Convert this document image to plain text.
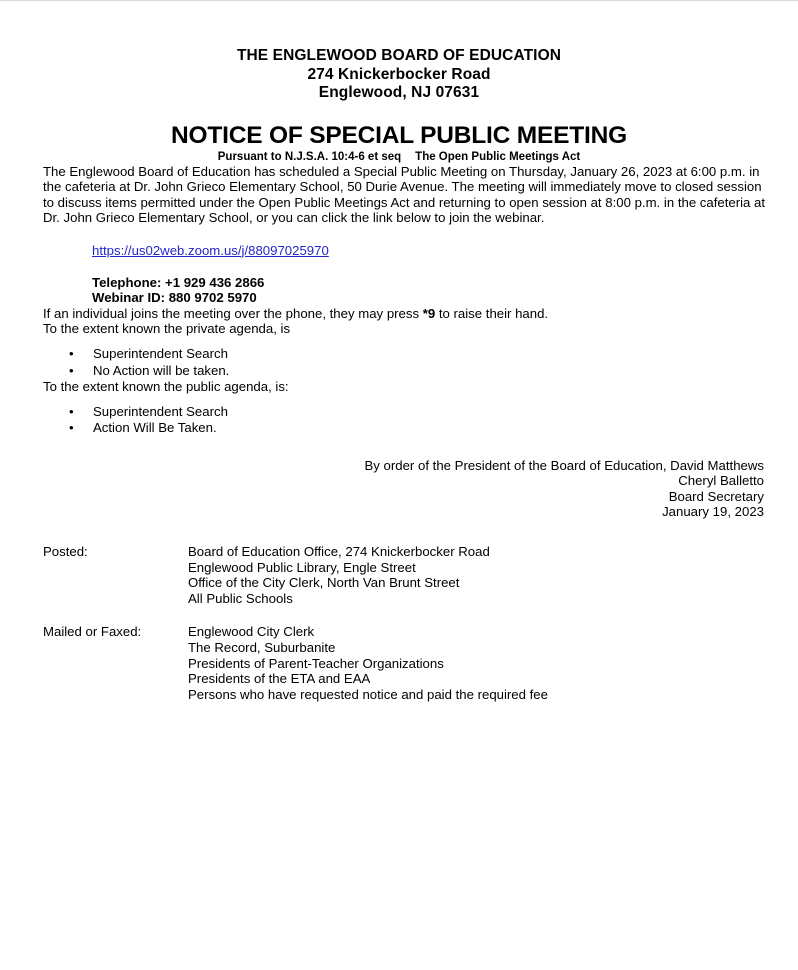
THE ENGLEWOOD BOARD OF EDUCATION
274 Knickerbocker Road
Englewood, NJ 07631
NOTICE OF SPECIAL PUBLIC MEETING
Pursuant to N.J.S.A. 10:4-6 et seq The Open Public Meetings Act

The Englewood Board of Education has scheduled a Special Public Meeting on Thursday, January 26, 2023 at 6:00 p.m. in the cafeteria at Dr. John Grieco Elementary School, 50 Durie Avenue. The meeting will immediately move to closed session to discuss items permitted under the Open Public Meetings Act and returning to open session at 8:00 p.m. in the cafeteria at Dr. John Grieco Elementary School, or you can click the link below to join the webinar.

https://us02web.zoom.us/j/88097025970
Telephone: +1 929 436 2866
Webinar ID: 880 9702 5970

If an individual joins the meeting over the phone, they may press *9 to raise their hand.

To the extent known the private agenda, is

• Superintendent Search
• No Action will be taken.

To the extent known the public agenda, is:

• Superintendent Search
• Action Will Be Taken.
By order of the President of the Board of Education, David Matthews
Cheryl Balletto
Board Secretary
January 19, 2023
Posted:	Board of Education Office, 274 Knickerbocker Road
Englewood Public Library, Engle Street
Office of the City Clerk, North Van Brunt Street
All Public Schools
Mailed or Faxed:	Englewood City Clerk
The Record, Suburbanite
Presidents of Parent-Teacher Organizations
Presidents of the ETA and EAA
Persons who have requested notice and paid the required fee
